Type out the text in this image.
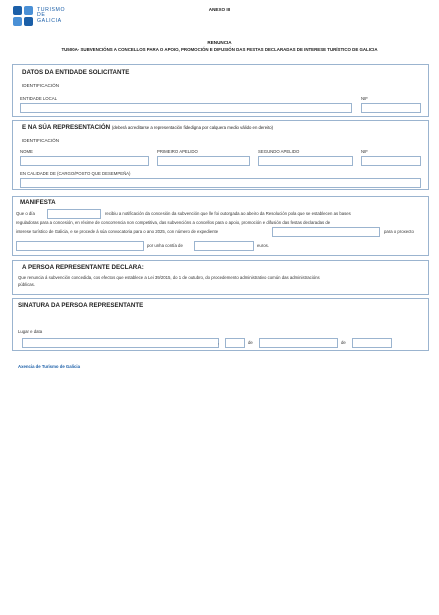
TURISMO
DE
GALICIA
ANEXO III
RENUNCIA
TU500A- SUBVENCIÓNS A CONCELLOS PARA O APOIO, PROMOCIÓN E DIFUSIÓN DAS FESTAS DECLARADAS DE INTERESE TURÍSTICO DE GALICIA
DATOS DA ENTIDADE SOLICITANTE
IDENTIFICACIÓN
ENTIDADE LOCAL	NIF
E NA SÚA REPRESENTACIÓN (deberá acreditarse a representación fidedigna por calquera medio válido en dereito)
IDENTIFICACIÓN
NOME	PRIMEIRO APELIDO	SEGUNDO APELIDO	NIF
EN CALIDADE DE (CARGO/POSTO QUE DESEMPEÑA)
MANIFESTA
Que o día	recibiu a notificación da concesión da subvención que lle foi outorgada ao abeiro da Resolución pola que se establecen as bases
reguladoras para a concesión, en réxime de concorrencia non competitiva, das subvencións a concellos para o apoio, promoción e difusión das festas declaradas de
interese turístico de Galicia, e se procede á súa convocatoria para o ano 2025, con número de expediente	para o proxecto
por unha contía de	euros.
A PERSOA REPRESENTANTE DECLARA:
Que renuncia á subvención concedida, cos efectos que establece a Lei 39/2015, do 1 de outubro, do procedemento administrativo común das administracións
públicas.
SINATURA DA PERSOA REPRESENTANTE
Lugar e data
,	de	de
Axencia de Turismo de Galicia
